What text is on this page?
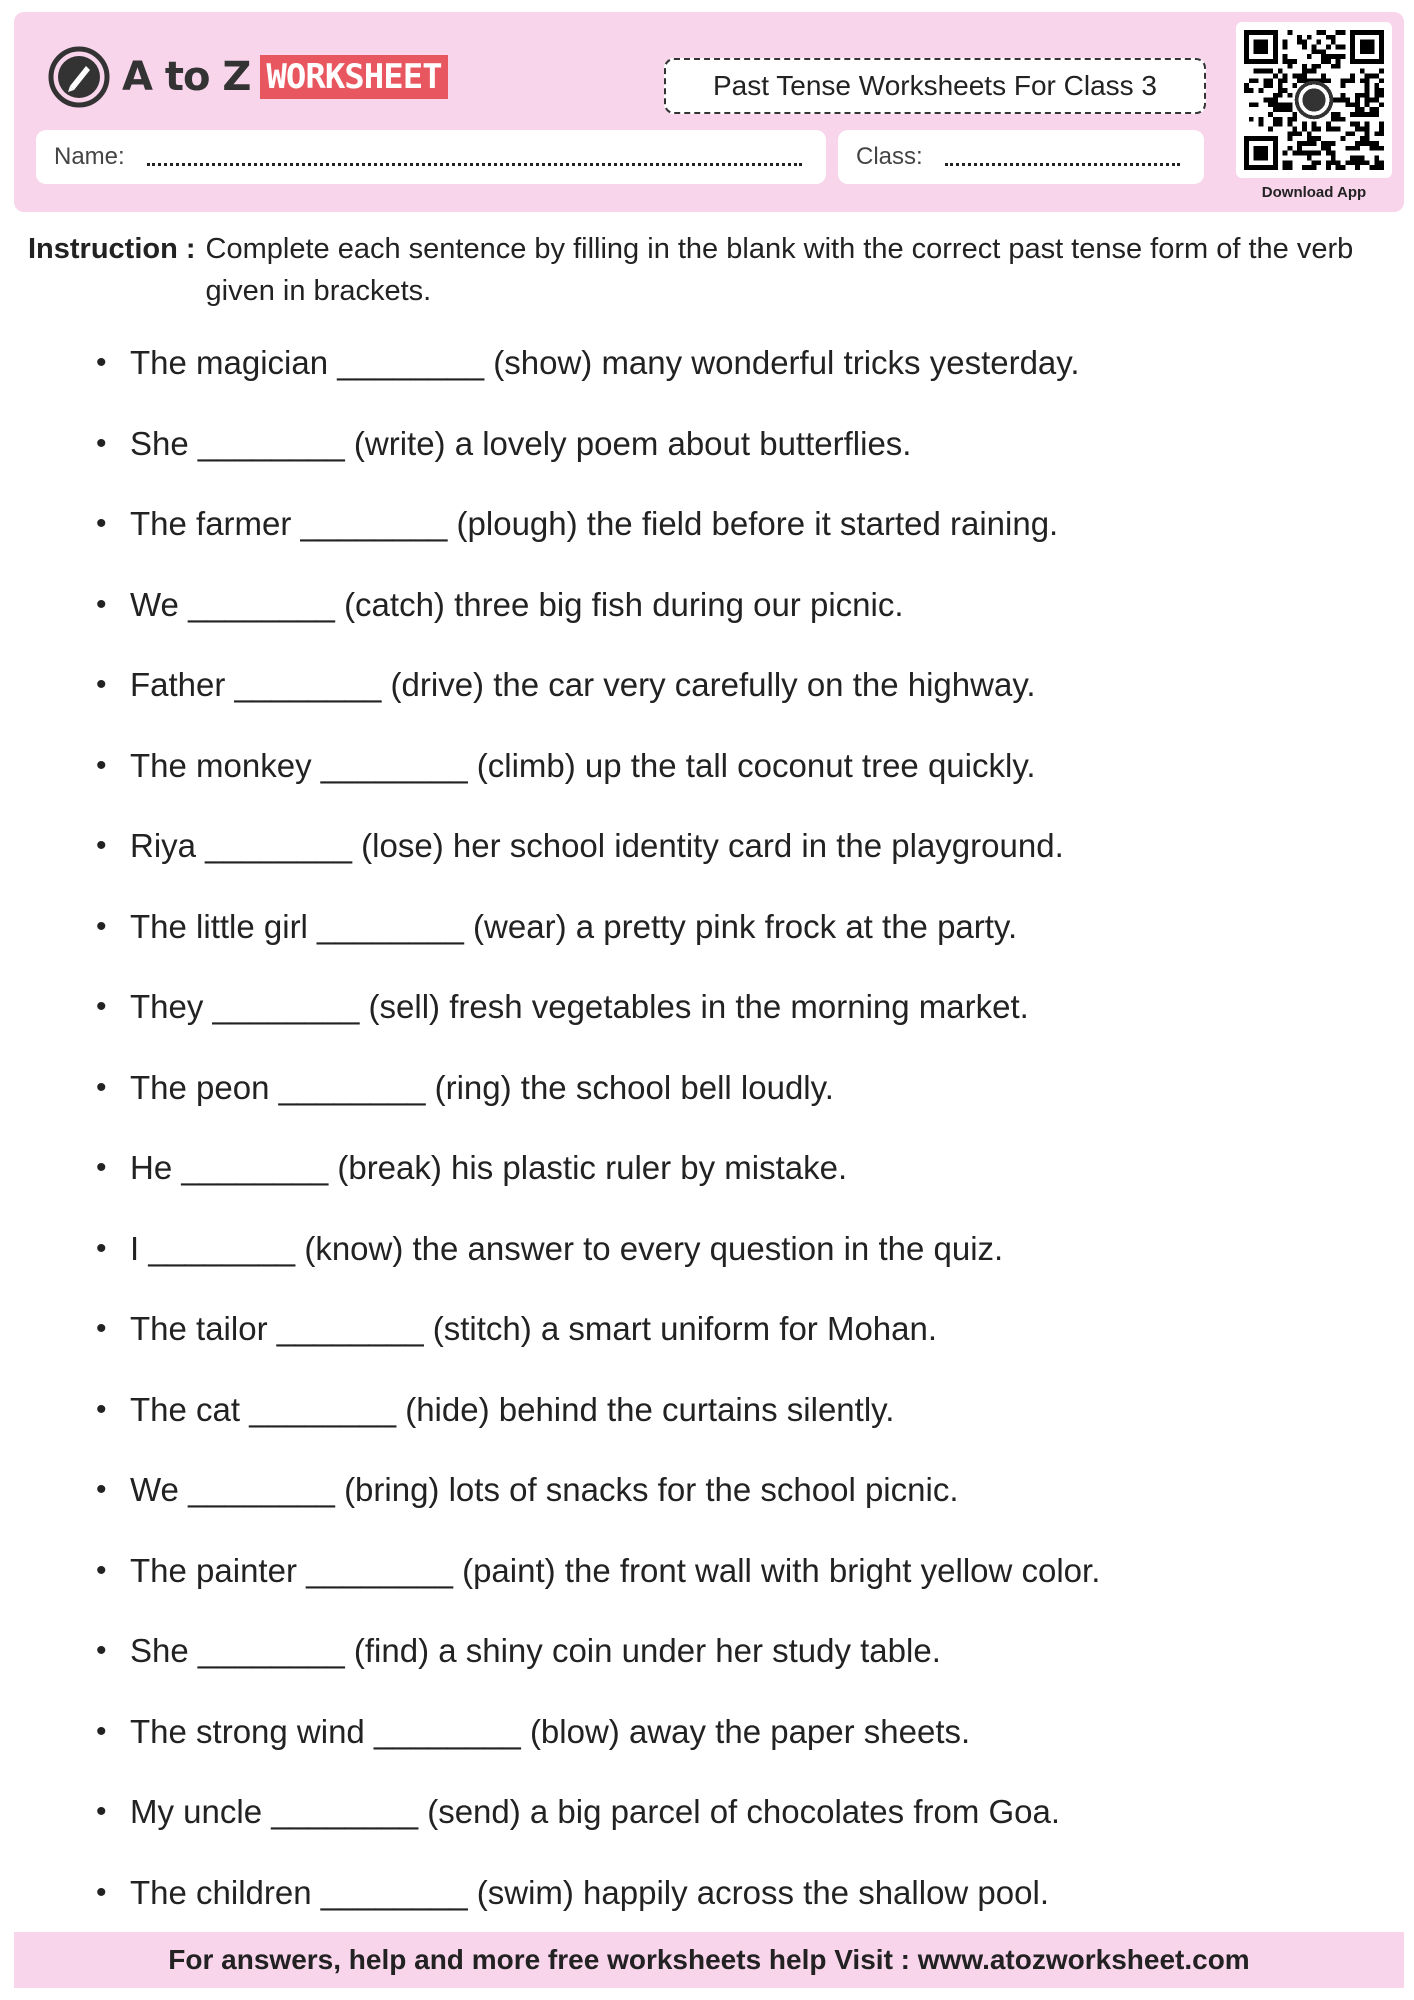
A to Z WORKSHEET	Past Tense Worksheets For Class 3
Name:	Class:
Download App
Instruction : Complete each sentence by filling in the blank with the correct past tense form of the verb given in brackets.
• The magician ________ (show) many wonderful tricks yesterday.
• She ________ (write) a lovely poem about butterflies.
• The farmer ________ (plough) the field before it started raining.
• We ________ (catch) three big fish during our picnic.
• Father ________ (drive) the car very carefully on the highway.
• The monkey ________ (climb) up the tall coconut tree quickly.
• Riya ________ (lose) her school identity card in the playground.
• The little girl ________ (wear) a pretty pink frock at the party.
• They ________ (sell) fresh vegetables in the morning market.
• The peon ________ (ring) the school bell loudly.
• He ________ (break) his plastic ruler by mistake.
• I ________ (know) the answer to every question in the quiz.
• The tailor ________ (stitch) a smart uniform for Mohan.
• The cat ________ (hide) behind the curtains silently.
• We ________ (bring) lots of snacks for the school picnic.
• The painter ________ (paint) the front wall with bright yellow color.
• She ________ (find) a shiny coin under her study table.
• The strong wind ________ (blow) away the paper sheets.
• My uncle ________ (send) a big parcel of chocolates from Goa.
• The children ________ (swim) happily across the shallow pool.
For answers, help and more free worksheets help Visit : www.atozworksheet.com
